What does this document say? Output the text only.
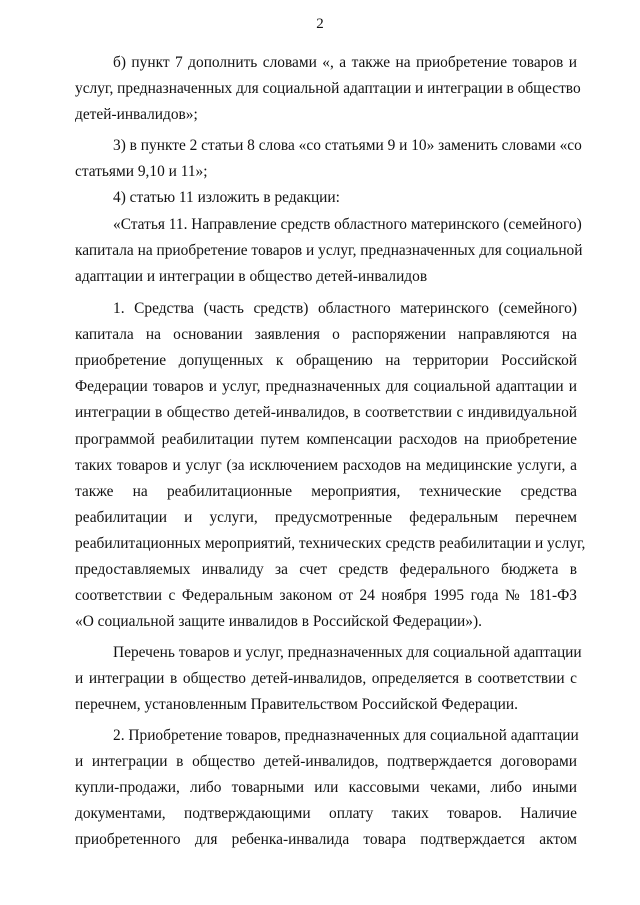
2
б) пункт 7 дополнить словами «, а также на приобретение товаров и
услуг, предназначенных для социальной адаптации и интеграции в общество
детей-инвалидов»;
3) в пункте 2 статьи 8 слова «со статьями 9 и 10» заменить словами «со
статьями 9,10 и 11»;
4) статью 11 изложить в редакции:
«Статья 11. Направление средств областного материнского (семейного)
капитала на приобретение товаров и услуг, предназначенных для социальной
адаптации и интеграции в общество детей-инвалидов
1. Средства (часть средств) областного материнского (семейного)
капитала на основании заявления о распоряжении направляются на
приобретение допущенных к обращению на территории Российской
Федерации товаров и услуг, предназначенных для социальной адаптации и
интеграции в общество детей-инвалидов, в соответствии с индивидуальной
программой реабилитации путем компенсации расходов на приобретение
таких товаров и услуг (за исключением расходов на медицинские услуги, а
также на реабилитационные мероприятия, технические средства
реабилитации и услуги, предусмотренные федеральным перечнем
реабилитационных мероприятий, технических средств реабилитации и услуг,
предоставляемых инвалиду за счет средств федерального бюджета в
соответствии с Федеральным законом от 24 ноября 1995 года № 181-ФЗ
«О социальной защите инвалидов в Российской Федерации»).
Перечень товаров и услуг, предназначенных для социальной адаптации
и интеграции в общество детей-инвалидов, определяется в соответствии с
перечнем, установленным Правительством Российской Федерации.
2. Приобретение товаров, предназначенных для социальной адаптации
и интеграции в общество детей-инвалидов, подтверждается договорами
купли-продажи, либо товарными или кассовыми чеками, либо иными
документами, подтверждающими оплату таких товаров. Наличие
приобретенного для ребенка-инвалида товара подтверждается актом
